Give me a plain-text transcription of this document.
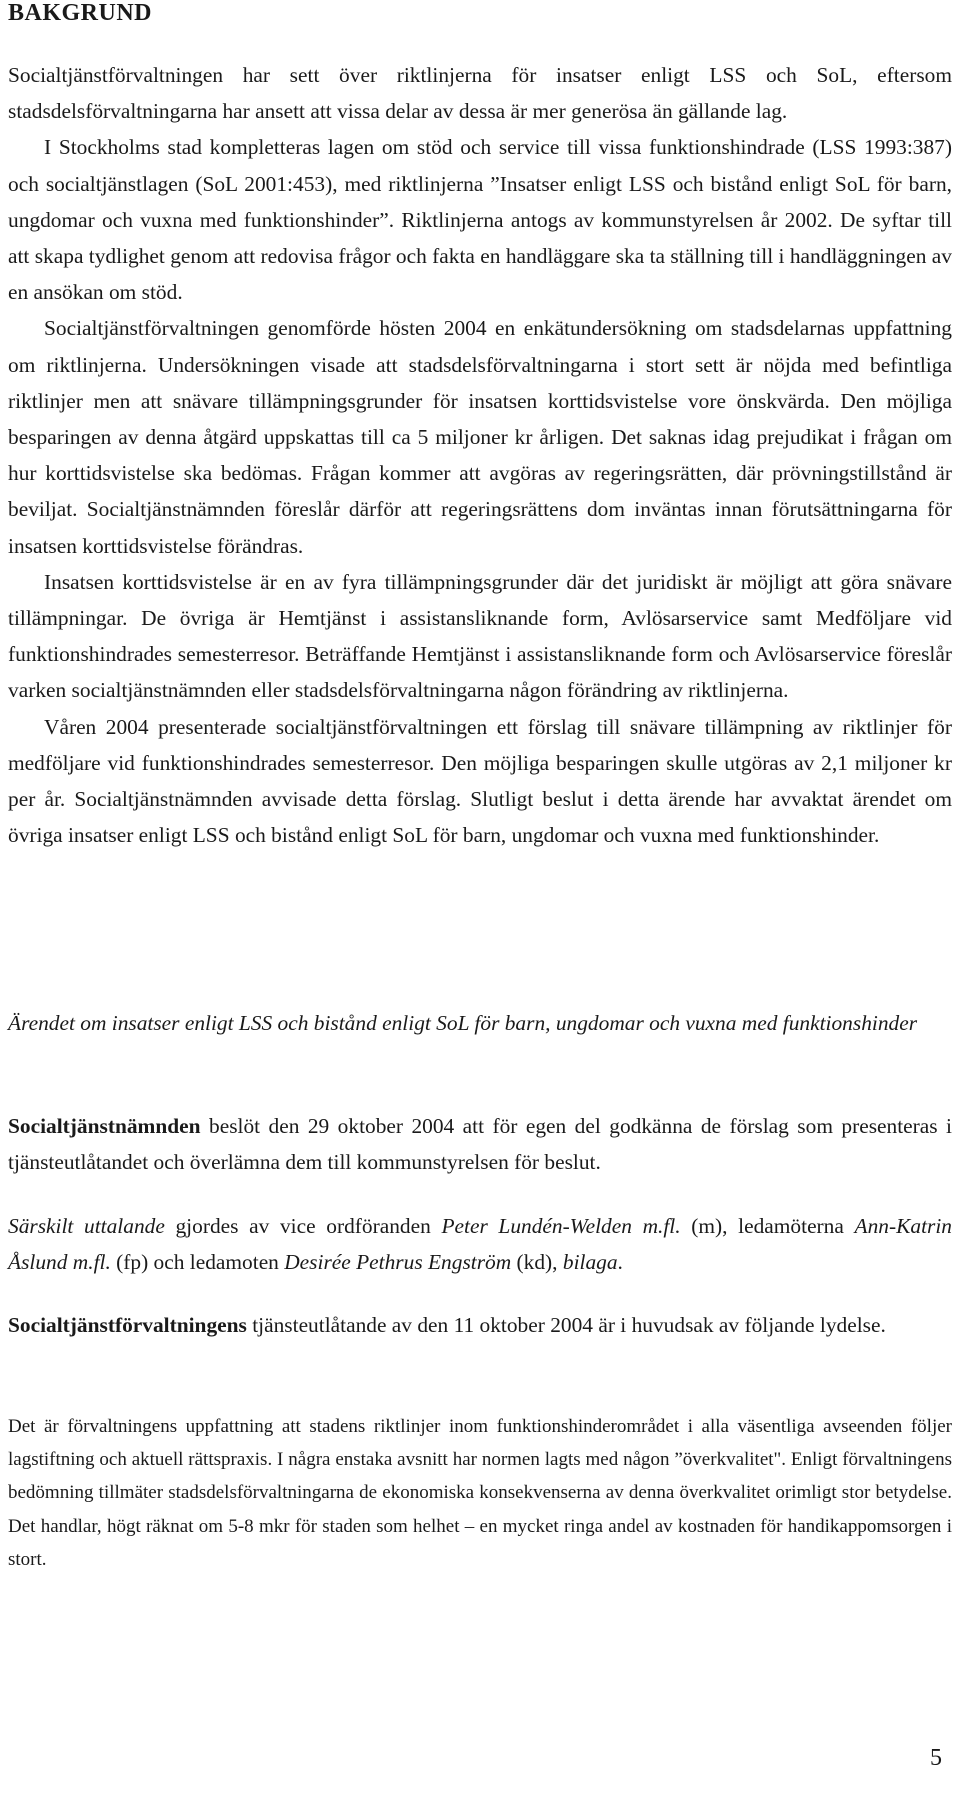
BAKGRUND

Socialtjänstförvaltningen har sett över riktlinjerna för insatser enligt LSS och SoL, eftersom stadsdelsförvaltningarna har ansett att vissa delar av dessa är mer generösa än gällande lag.

I Stockholms stad kompletteras lagen om stöd och service till vissa funktionshindrade (LSS 1993:387) och socialtjänstlagen (SoL 2001:453), med riktlinjerna ”Insatser enligt LSS och bistånd enligt SoL för barn, ungdomar och vuxna med funktionshinder”. Riktlinjerna antogs av kommunstyrelsen år 2002. De syftar till att skapa tydlighet genom att redovisa frågor och fakta en handläggare ska ta ställning till i handläggningen av en ansökan om stöd.

Socialtjänstförvaltningen genomförde hösten 2004 en enkätundersökning om stadsdelarnas uppfattning om riktlinjerna. Undersökningen visade att stadsdelsförvaltningarna i stort sett är nöjda med befintliga riktlinjer men att snävare tillämpningsgrunder för insatsen korttidsvistelse vore önskvärda. Den möjliga besparingen av denna åtgärd uppskattas till ca 5 miljoner kr årligen. Det saknas idag prejudikat i frågan om hur korttidsvistelse ska bedömas. Frågan kommer att avgöras av regeringsrätten, där prövningstillstånd är beviljat. Socialtjänstnämnden föreslår därför att regeringsrättens dom inväntas innan förutsättningarna för insatsen korttidsvistelse förändras.

Insatsen korttidsvistelse är en av fyra tillämpningsgrunder där det juridiskt är möjligt att göra snävare tillämpningar. De övriga är Hemtjänst i assistansliknande form, Avlösarservice samt Medföljare vid funktionshindrades semesterresor. Beträffande Hemtjänst i assistansliknande form och Avlösarservice föreslår varken socialtjänstnämnden eller stadsdelsförvaltningarna någon förändring av riktlinjerna.

Våren 2004 presenterade socialtjänstförvaltningen ett förslag till snävare tillämpning av riktlinjer för medföljare vid funktionshindrades semesterresor. Den möjliga besparingen skulle utgöras av 2,1 miljoner kr per år. Socialtjänstnämnden avvisade detta förslag. Slutligt beslut i detta ärende har avvaktat ärendet om övriga insatser enligt LSS och bistånd enligt SoL för barn, ungdomar och vuxna med funktionshinder.

Ärendet om insatser enligt LSS och bistånd enligt SoL för barn, ungdomar och vuxna med funktionshinder
Socialtjänstnämnden beslöt den 29 oktober 2004 att för egen del godkänna de förslag som presenteras i tjänsteutlåtandet och överlämna dem till kommunstyrelsen för beslut.
Särskilt uttalande gjordes av vice ordföranden Peter Lundén-Welden m.fl. (m), ledamöterna Ann-Katrin Åslund m.fl. (fp) och ledamoten Desirée Pethrus Engström (kd), bilaga.
Socialtjänstförvaltningens tjänsteutlåtande av den 11 oktober 2004 är i huvudsak av följande lydelse.
Det är förvaltningens uppfattning att stadens riktlinjer inom funktionshinderområdet i alla väsentliga avseenden följer lagstiftning och aktuell rättspraxis. I några enstaka avsnitt har normen lagts med någon ”överkvalitet". Enligt förvaltningens bedömning tillmäter stadsdelsförvaltningarna de ekonomiska konsekvenserna av denna överkvalitet orimligt stor betydelse. Det handlar, högt räknat om 5-8 mkr för staden som helhet – en mycket ringa andel av kostnaden för handikappomsorgen i stort.
5
